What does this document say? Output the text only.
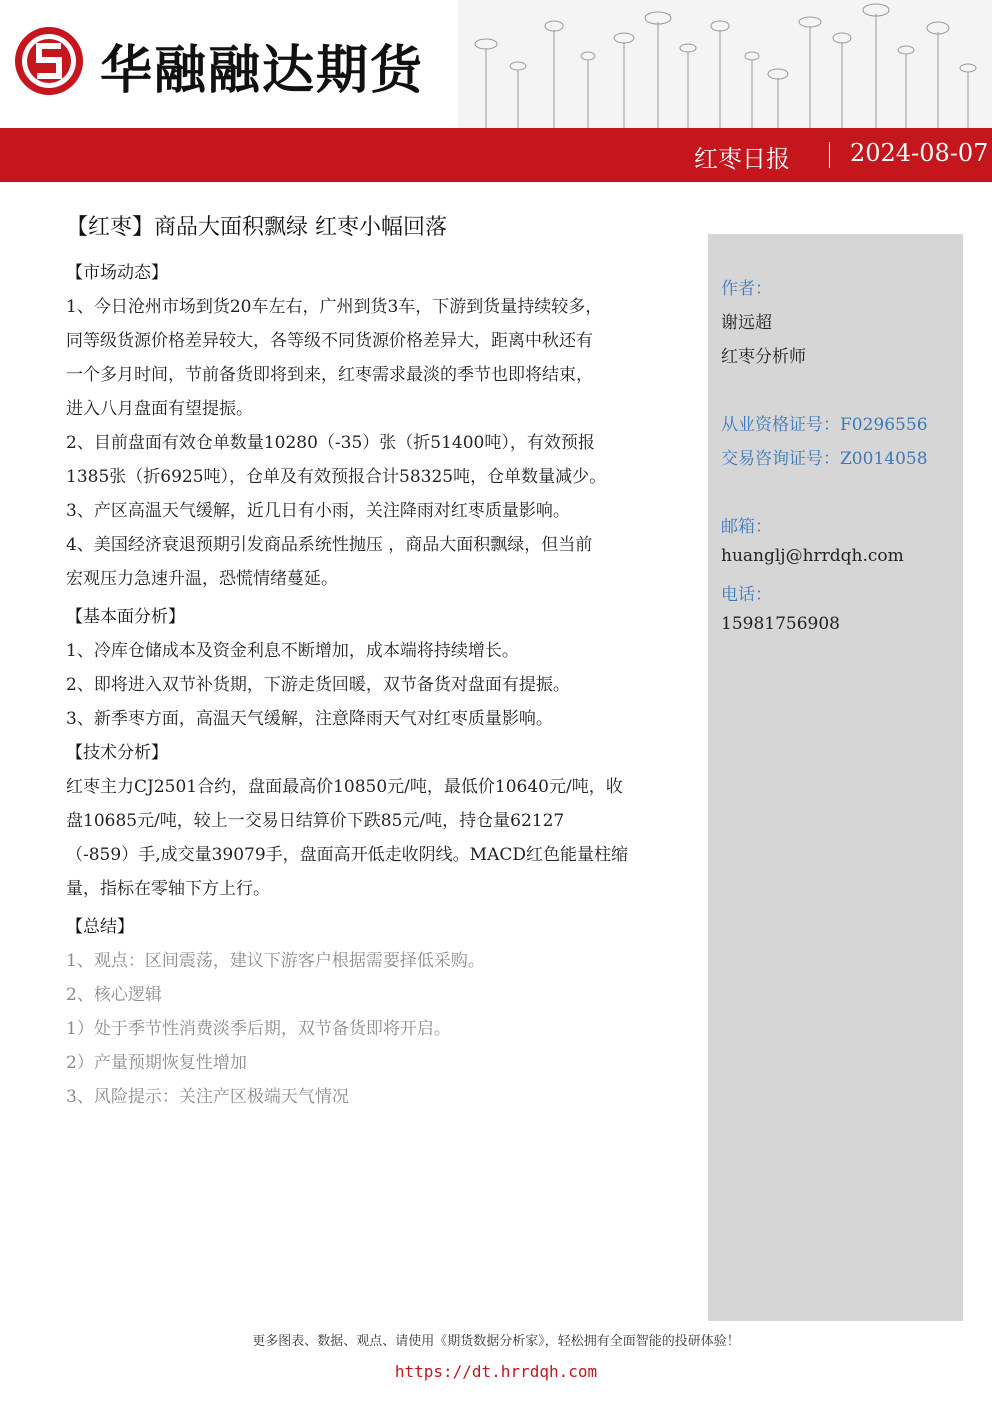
华融融达期货
红枣日报	2024-08-07
作者：
谢远超
红枣分析师
从业资格证号：F0296556
交易咨询证号：Z0014058
邮箱：
huanglj@hrrdqh.com
电话：
15981756908
【红枣】商品大面积飘绿 红枣小幅回落
【市场动态】
1、今日沧州市场到货20车左右，广州到货3车，下游到货量持续较多，
同等级货源价格差异较大，各等级不同货源价格差异大，距离中秋还有
一个多月时间，节前备货即将到来，红枣需求最淡的季节也即将结束，
进入八月盘面有望提振。
2、目前盘面有效仓单数量10280（-35）张（折51400吨），有效预报
1385张（折6925吨），仓单及有效预报合计58325吨，仓单数量减少。
3、产区高温天气缓解，近几日有小雨，关注降雨对红枣质量影响。
4、美国经济衰退预期引发商品系统性抛压 ，商品大面积飘绿，但当前
宏观压力急速升温，恐慌情绪蔓延。
【基本面分析】
1、冷库仓储成本及资金利息不断增加，成本端将持续增长。
2、即将进入双节补货期，下游走货回暖，双节备货对盘面有提振。
3、新季枣方面，高温天气缓解，注意降雨天气对红枣质量影响。
【技术分析】
红枣主力CJ2501合约，盘面最高价10850元/吨，最低价10640元/吨，收
盘10685元/吨，较上一交易日结算价下跌85元/吨，持仓量62127
（-859）手,成交量39079手，盘面高开低走收阴线。MACD红色能量柱缩
量，指标在零轴下方上行。
【总结】
1、观点：区间震荡，建议下游客户根据需要择低采购。
2、核心逻辑
1）处于季节性消费淡季后期，双节备货即将开启。
2）产量预期恢复性增加
3、风险提示：关注产区极端天气情况
更多图表、数据、观点、请使用《期货数据分析家》，轻松拥有全面智能的投研体验！
https://dt.hrrdqh.com
